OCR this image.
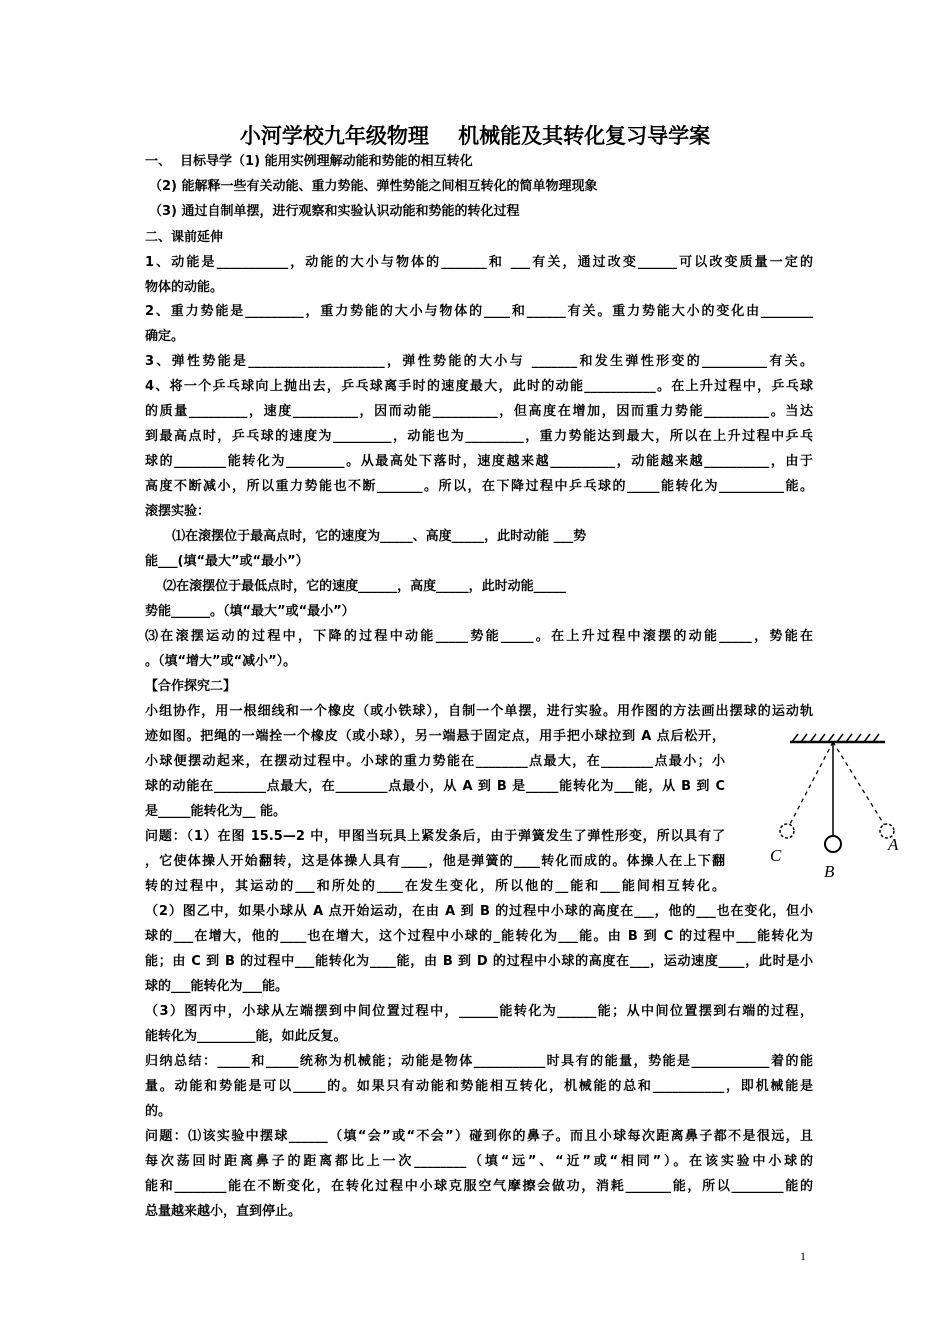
小河学校九年级物理    机械能及其转化复习导学案
一、  目标导学（1) 能用实例理解动能和势能的相互转化
（2) 能解释一些有关动能、重力势能、弹性势能之间相互转化的简单物理现象
（3) 通过自制单摆，进行观察和实验认识动能和势能的转化过程
二、课前延伸
1、动能是___________，动能的大小与物体的_______和 ___有关，通过改变______可以改变质量一定的
物体的动能。
2、重力势能是_________，重力势能的大小与物体的____和______有关。重力势能大小的变化由________
确定。
3、弹性势能是_____________________，弹性势能的大小与 _______和发生弹性形变的__________有关。
4、将一个乒乓球向上抛出去，乒乓球离手时的速度最大，此时的动能___________。在上升过程中，乒乓球
的质量_________，速度__________，因而动能__________，但高度在增加，因而重力势能__________。当达
到最高点时，乒乓球的速度为_________，动能也为_________，重力势能达到最大，所以在上升过程中乒乓
球的________能转化为_________。从最高处下落时，速度越来越__________，动能越来越__________，由于
高度不断减小，所以重力势能也不断_______。所以，在下降过程中乒乓球的_____能转化为__________能。
滚摆实验：
⑴在滚摆位于最高点时，它的速度为_____、高度_____，此时动能 ___势
能___(填“最大”或“最小”）
⑵在滚摆位于最低点时，它的速度______，高度_____，此时动能_____
势能______。（填“最大”或“最小”）
⑶在滚摆运动的过程中，下降的过程中动能_____势能_____。在上升过程中滚摆的动能_____，势能在
。（填“增大”或“减小”）。
【合作探究二】
小组协作，用一根细线和一个橡皮（或小铁球），自制一个单摆，进行实验。用作图的方法画出摆球的运动轨
迹如图。把绳的一端拴一个橡皮（或小球），另一端悬于固定点，用手把小球拉到 A 点后松开，
小球便摆动起来，在摆动过程中。小球的重力势能在________点最大，在________点最小；小
球的动能在________点最大，在________点最小，从 A 到 B 是_____能转化为___能，从 B 到 C
是_____能转化为__ 能。
问题：（1）在图 15.5—2 中，甲图当玩具上紧发条后，由于弹簧发生了弹性形变，所以具有了
，它使体操人开始翻转，这是体操人具有____，他是弹簧的____转化而成的。体操人在上下翻
转的过程中，其运动的___和所处的____在发生变化，所以他的__能和___能间相互转化。
（2）图乙中，如果小球从 A 点开始运动，在由 A 到 B 的过程中小球的高度在___，他的___也在变化，但小
球的___在增大，他的____也在增大，这个过程中小球的_能转化为___能。由 B 到 C 的过程中___能转化为
能；由 C 到 B 的过程中___能转化为____能，由 B 到 D 的过程中小球的高度在___，运动速度____，此时是小
球的___能转化为___能。
（3）图丙中，小球从左端摆到中间位置过程中，______能转化为______能；从中间位置摆到右端的过程，
能转化为_________能，如此反复。
归纳总结：_____和_____统称为机械能；动能是物体___________时具有的能量，势能是____________着的能
量。动能和势能是可以_____的。如果只有动能和势能相互转化，机械能的总和___________，即机械能是
的。
问题：⑴该实验中摆球______（填“会”或“不会”）碰到你的鼻子。而且小球每次距离鼻子都不是很远，且
每次荡回时距离鼻子的距离都比上一次________（填“远”、“近”或“相同”）。在该实验中小球的
能和________能在不断变化，在转化过程中小球克服空气摩擦会做功，消耗_______能，所以________能的
总量越来越小，直到停止。
C
B
A
1
